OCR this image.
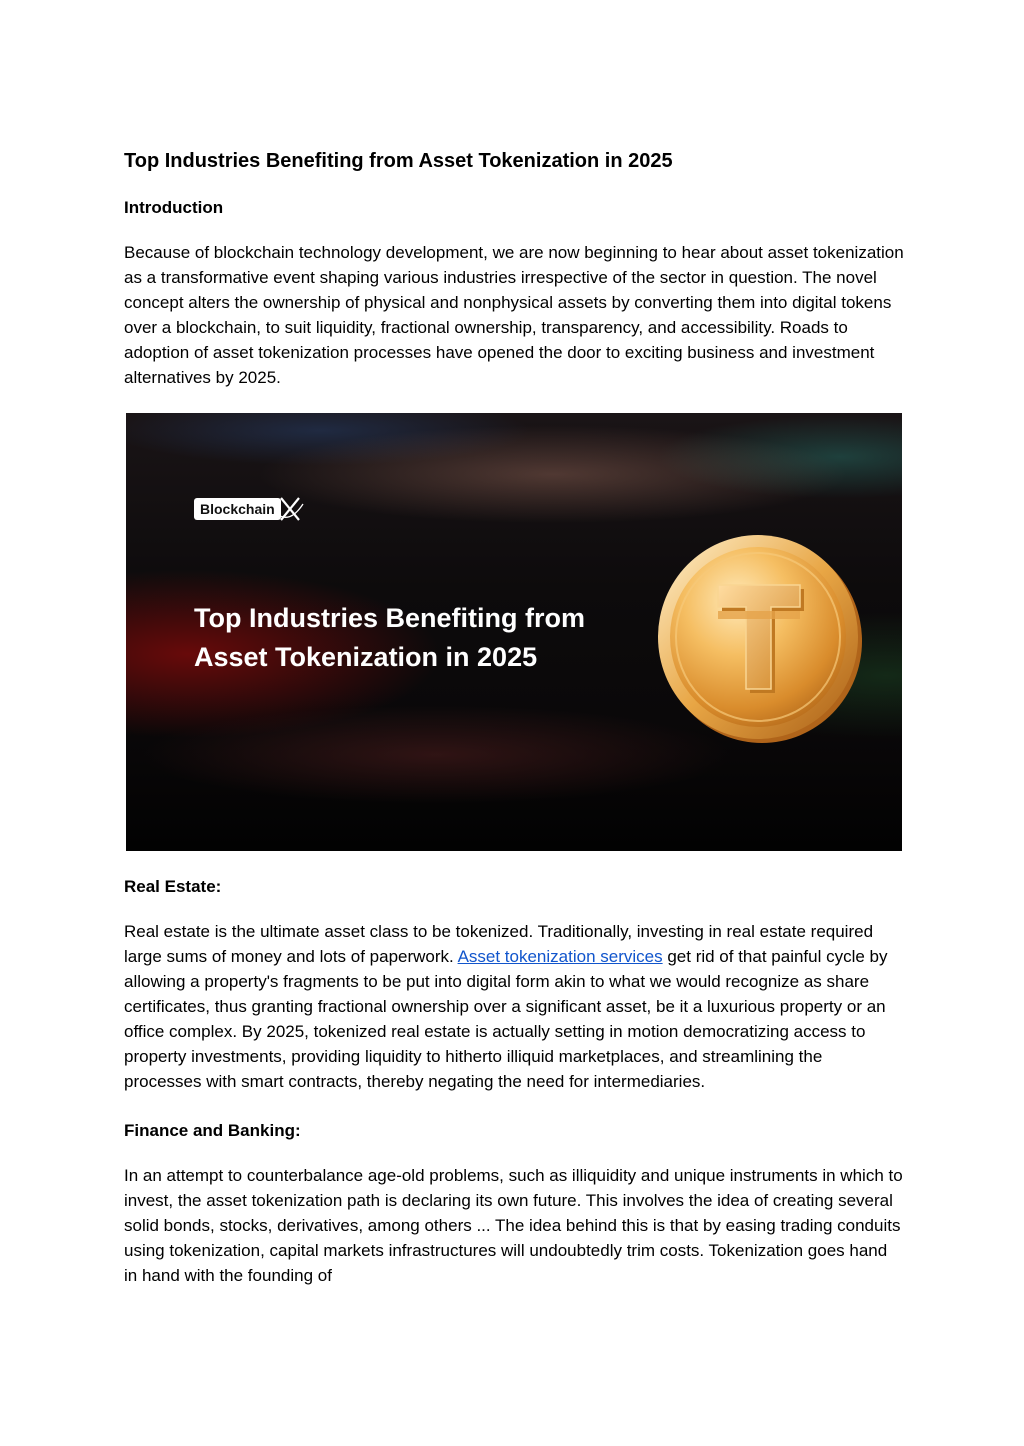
Top Industries Benefiting from Asset Tokenization in 2025
Introduction

Because of blockchain technology development, we are now beginning to hear about asset tokenization as a transformative event shaping various industries irrespective of the sector in question. The novel concept alters the ownership of physical and nonphysical assets by converting them into digital tokens over a blockchain, to suit liquidity, fractional ownership, transparency, and accessibility. Roads to adoption of asset tokenization processes have opened the door to exciting business and investment alternatives by 2025.

Blockchain
Top Industries Benefiting from
Asset Tokenization in 2025
Real Estate:

Real estate is the ultimate asset class to be tokenized. Traditionally, investing in real estate required large sums of money and lots of paperwork. Asset tokenization services get rid of that painful cycle by allowing a property's fragments to be put into digital form akin to what we would recognize as share certificates, thus granting fractional ownership over a significant asset, be it a luxurious property or an office complex. By 2025, tokenized real estate is actually setting in motion democratizing access to property investments, providing liquidity to hitherto illiquid marketplaces, and streamlining the processes with smart contracts, thereby negating the need for intermediaries.

Finance and Banking:

In an attempt to counterbalance age-old problems, such as illiquidity and unique instruments in which to invest, the asset tokenization path is declaring its own future. This involves the idea of creating several solid bonds, stocks, derivatives, among others ... The idea behind this is that by easing trading conduits using tokenization, capital markets infrastructures will undoubtedly trim costs. Tokenization goes hand in hand with the founding of
